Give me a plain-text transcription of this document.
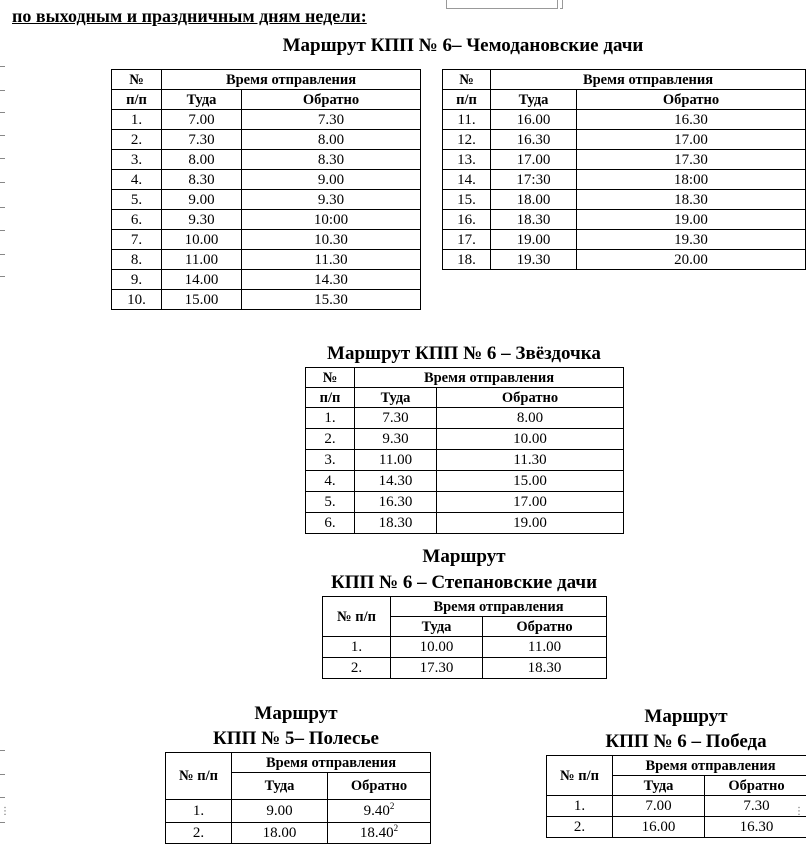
по выходным и праздничным дням недели:
Маршрут КПП № 6– Чемодановские дачи
№	Время отправления	
п/п	Туда	Обратно
1.	7.00	7.30
2.	7.30	8.00
3.	8.00	8.30
4.	8.30	9.00
5.	9.00	9.30
6.	9.30	10:00
7.	10.00	10.30
8.	11.00	11.30
9.	14.00	14.30
10.	15.00	15.30
№	Время отправления	
п/п	Туда	Обратно
11.	16.00	16.30
12.	16.30	17.00
13.	17.00	17.30
14.	17:30	18:00
15.	18.00	18.30
16.	18.30	19.00
17.	19.00	19.30
18.	19.30	20.00
Маршрут КПП № 6 – Звёздочка
№	Время отправления	
п/п	Туда	Обратно
1.	7.30	8.00
2.	9.30	10.00
3.	11.00	11.30
4.	14.30	15.00
5.	16.30	17.00
6.	18.30	19.00
Маршрут
КПП № 6 – Степановские дачи
№ п/п	Время отправления	
	Туда	Обратно
1.	10.00	11.00
2.	17.30	18.30
Маршрут
КПП № 5– Полесье
№ п/п	Время отправления	
	Туда	Обратно
1.	9.00	9.40$^2$
2.	18.00	18.40$^2$
Маршрут
КПП № 6 – Победа
№ п/п	Время отправления	
	Туда	Обратно
1.	7.00	7.30
2.	16.00	16.30
⋮	⋮
